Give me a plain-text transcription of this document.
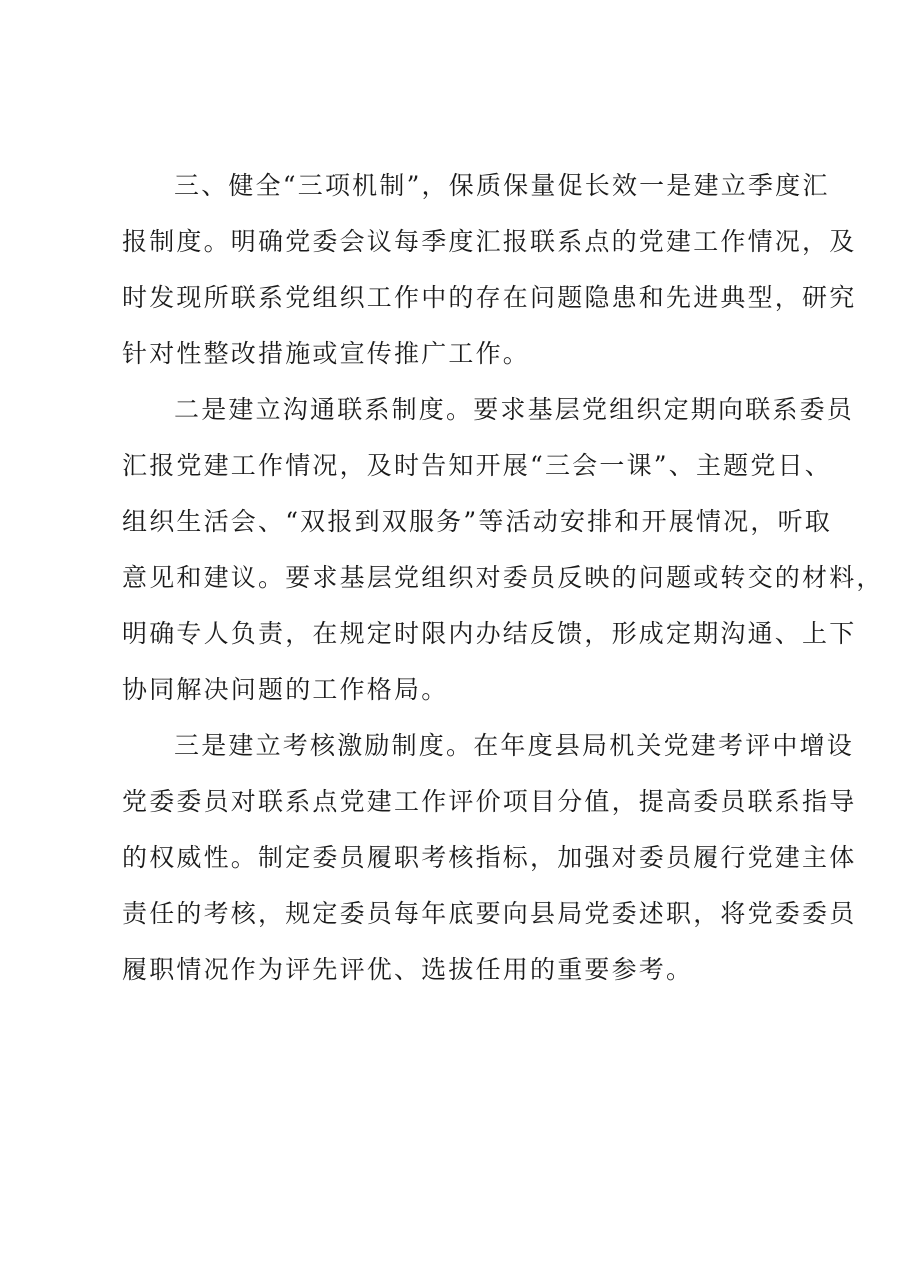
三、健全“三项机制”，保质保量促长效一是建立季度汇
报制度。明确党委会议每季度汇报联系点的党建工作情况，及
时发现所联系党组织工作中的存在问题隐患和先进典型，研究
针对性整改措施或宣传推广工作。
二是建立沟通联系制度。要求基层党组织定期向联系委员
汇报党建工作情况，及时告知开展“三会一课”、主题党日、
组织生活会、“双报到双服务”等活动安排和开展情况，听取
意见和建议。要求基层党组织对委员反映的问题或转交的材料，
明确专人负责，在规定时限内办结反馈，形成定期沟通、上下
协同解决问题的工作格局。
三是建立考核激励制度。在年度县局机关党建考评中增设
党委委员对联系点党建工作评价项目分值，提高委员联系指导
的权威性。制定委员履职考核指标，加强对委员履行党建主体
责任的考核，规定委员每年底要向县局党委述职，将党委委员
履职情况作为评先评优、选拔任用的重要参考。
